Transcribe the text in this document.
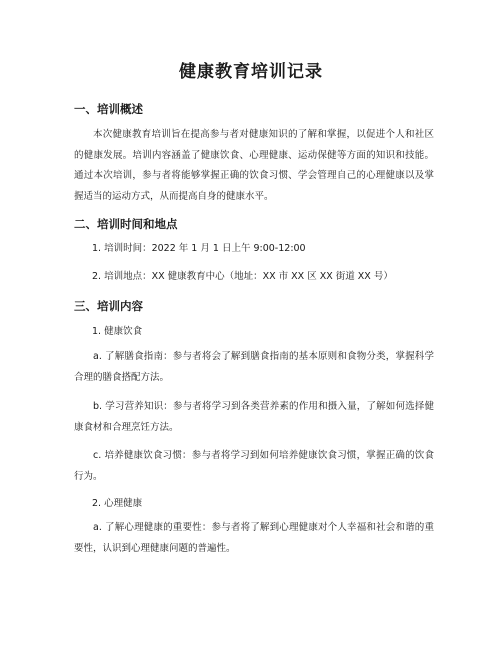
健康教育培训记录
一、培训概述
本次健康教育培训旨在提高参与者对健康知识的了解和掌握，以促进个人和社区的健康发展。培训内容涵盖了健康饮食、心理健康、运动保健等方面的知识和技能。通过本次培训，参与者将能够掌握正确的饮食习惯、学会管理自己的心理健康以及掌握适当的运动方式，从而提高自身的健康水平。
二、培训时间和地点
1. 培训时间：2022 年 1 月 1 日上午 9:00-12:00
2. 培训地点：XX 健康教育中心（地址：XX 市 XX 区 XX 街道 XX 号）
三、培训内容
1. 健康饮食
a. 了解膳食指南：参与者将会了解到膳食指南的基本原则和食物分类，掌握科学合理的膳食搭配方法。
b. 学习营养知识：参与者将学习到各类营养素的作用和摄入量，了解如何选择健康食材和合理烹饪方法。
c. 培养健康饮食习惯：参与者将学习到如何培养健康饮食习惯，掌握正确的饮食行为。
2. 心理健康
a. 了解心理健康的重要性：参与者将了解到心理健康对个人幸福和社会和谐的重要性，认识到心理健康问题的普遍性。
